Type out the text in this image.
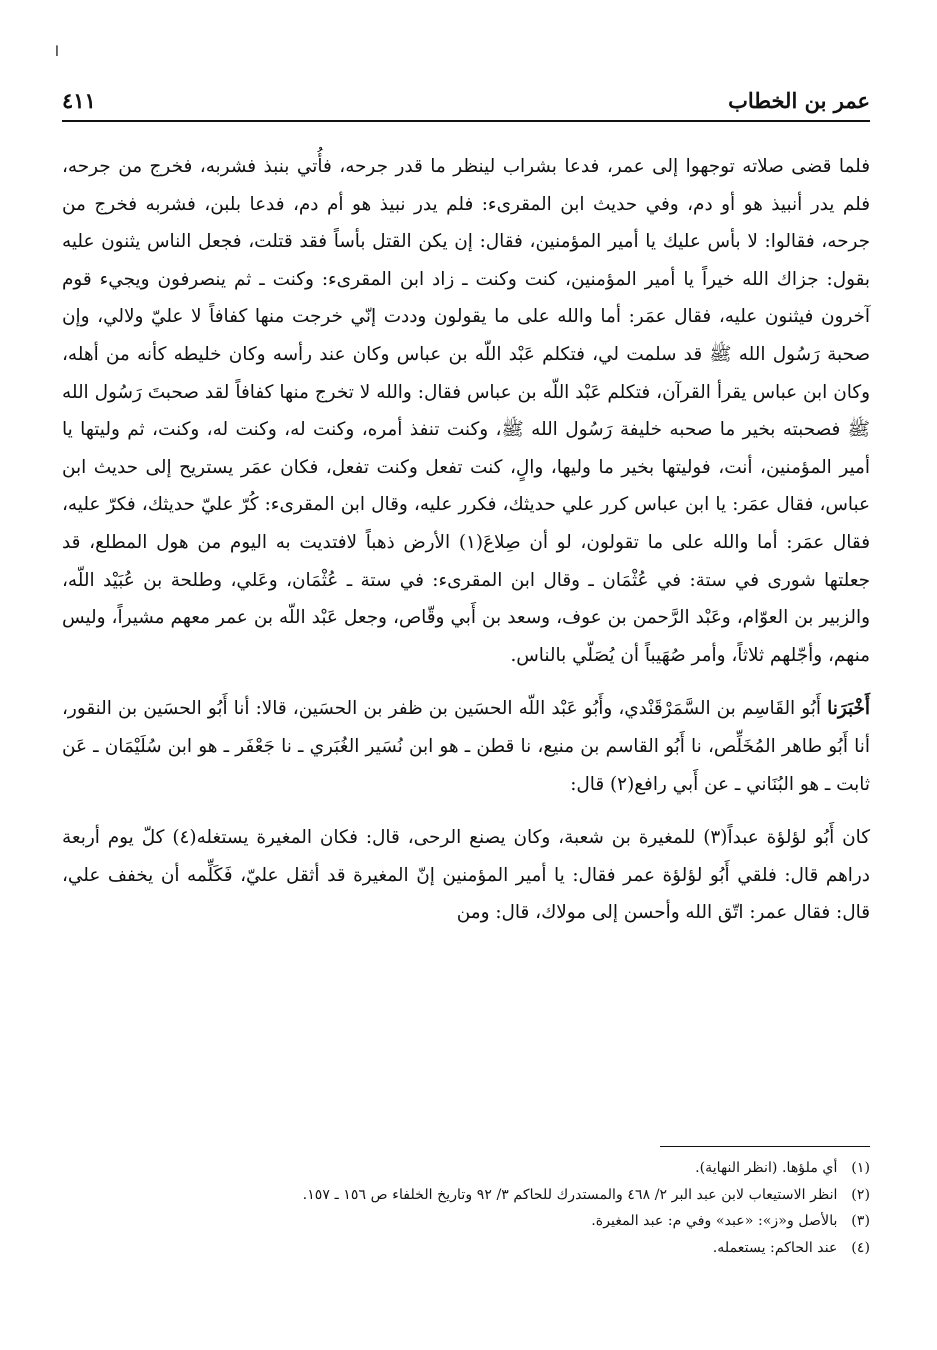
ا
عمر بن الخطاب
٤١١

فلما قضى صلاته توجهوا إلى عمر، فدعا بشراب لينظر ما قدر جرحه، فأُتي بنبذ فشربه، فخرج من جرحه، فلم يدر أنبيذ هو أو دم، وفي حديث ابن المقرىء: فلم يدر نبيذ هو أم دم، فدعا بلبن، فشربه فخرج من جرحه، فقالوا: لا بأس عليك يا أمير المؤمنين، فقال: إن يكن القتل بأساً فقد قتلت، فجعل الناس يثنون عليه بقول: جزاك الله خيراً يا أمير المؤمنين، كنت وكنت ـ زاد ابن المقرىء: وكنت ـ ثم ينصرفون ويجيء قوم آخرون فيثنون عليه، فقال عمَر: أما والله على ما يقولون وددت إنّي خرجت منها كفافاً لا عليّ ولالي، وإن صحبة رَسُول الله ﷺ قد سلمت لي، فتكلم عَبْد اللّه بن عباس وكان عند رأسه وكان خليطه كأنه من أهله، وكان ابن عباس يقرأ القرآن، فتكلم عَبْد اللّه بن عباس فقال: والله لا تخرج منها كفافاً لقد صحبتَ رَسُول الله ﷺ فصحبته بخير ما صحبه خليفة رَسُول الله ﷺ، وكنت تنفذ أمره، وكنت له، وكنت له، وكنت، ثم وليتها يا أمير المؤمنين، أنت، فوليتها بخير ما وليها، والٍ، كنت تفعل وكنت تفعل، فكان عمَر يستريح إلى حديث ابن عباس، فقال عمَر: يا ابن عباس كرر علي حديثك، فكرر عليه، وقال ابن المقرىء: كُرّ عليّ حديثك، فكرّ عليه، فقال عمَر: أما والله على ما تقولون، لو أن صِلاعَ(١) الأرض ذهباً لافتديت به اليوم من هول المطلع، قد جعلتها شورى في ستة: في عُثْمَان ـ وقال ابن المقرىء: في ستة ـ عُثْمَان، وعَلي، وطلحة بن عُبَيْد اللّه، والزبير بن العوّام، وعَبْد الرَّحمن بن عوف، وسعد بن أَبي وقّاص، وجعل عَبْد اللّه بن عمر معهم مشيراً، وليس منهم، وأجّلهم ثلاثاً، وأمر صُهَيباً أن يُصَلّي بالناس.

أَخْبَرَنا أَبُو القَاسِم بن السَّمَرْقَنْدي، وأَبُو عَبْد اللّه الحسَين بن ظفر بن الحسَين، قالا: أنا أَبُو الحسَين بن النقور، أنا أَبُو طاهر المُخَلِّص، نا أَبُو القاسم بن منيع، نا قطن ـ هو ابن نُسَير الغُبَري ـ نا جَعْفَر ـ هو ابن سُلَيْمَان ـ عَن ثابت ـ هو البُنَاني ـ عن أَبي رافع(٢) قال:

كان أَبُو لؤلؤة عبداً(٣) للمغيرة بن شعبة، وكان يصنع الرحى، قال: فكان المغيرة يستغله(٤) كلّ يوم أربعة دراهم قال: فلقي أَبُو لؤلؤة عمر فقال: يا أمير المؤمنين إنّ المغيرة قد أثقل عليّ، فَكَلِّمه أن يخفف علي، قال: فقال عمر: اتّق الله وأحسن إلى مولاك، قال: ومن

(١) أي ملؤها. (انظر النهاية).
(٢) انظر الاستيعاب لابن عبد البر ٢/ ٤٦٨ والمستدرك للحاكم ٣/ ٩٢ وتاريخ الخلفاء ص ١٥٦ ـ ١٥٧.
(٣) بالأصل و«ز»: «عبد» وفي م: عبد المغيرة.
(٤) عند الحاكم: يستعمله.
